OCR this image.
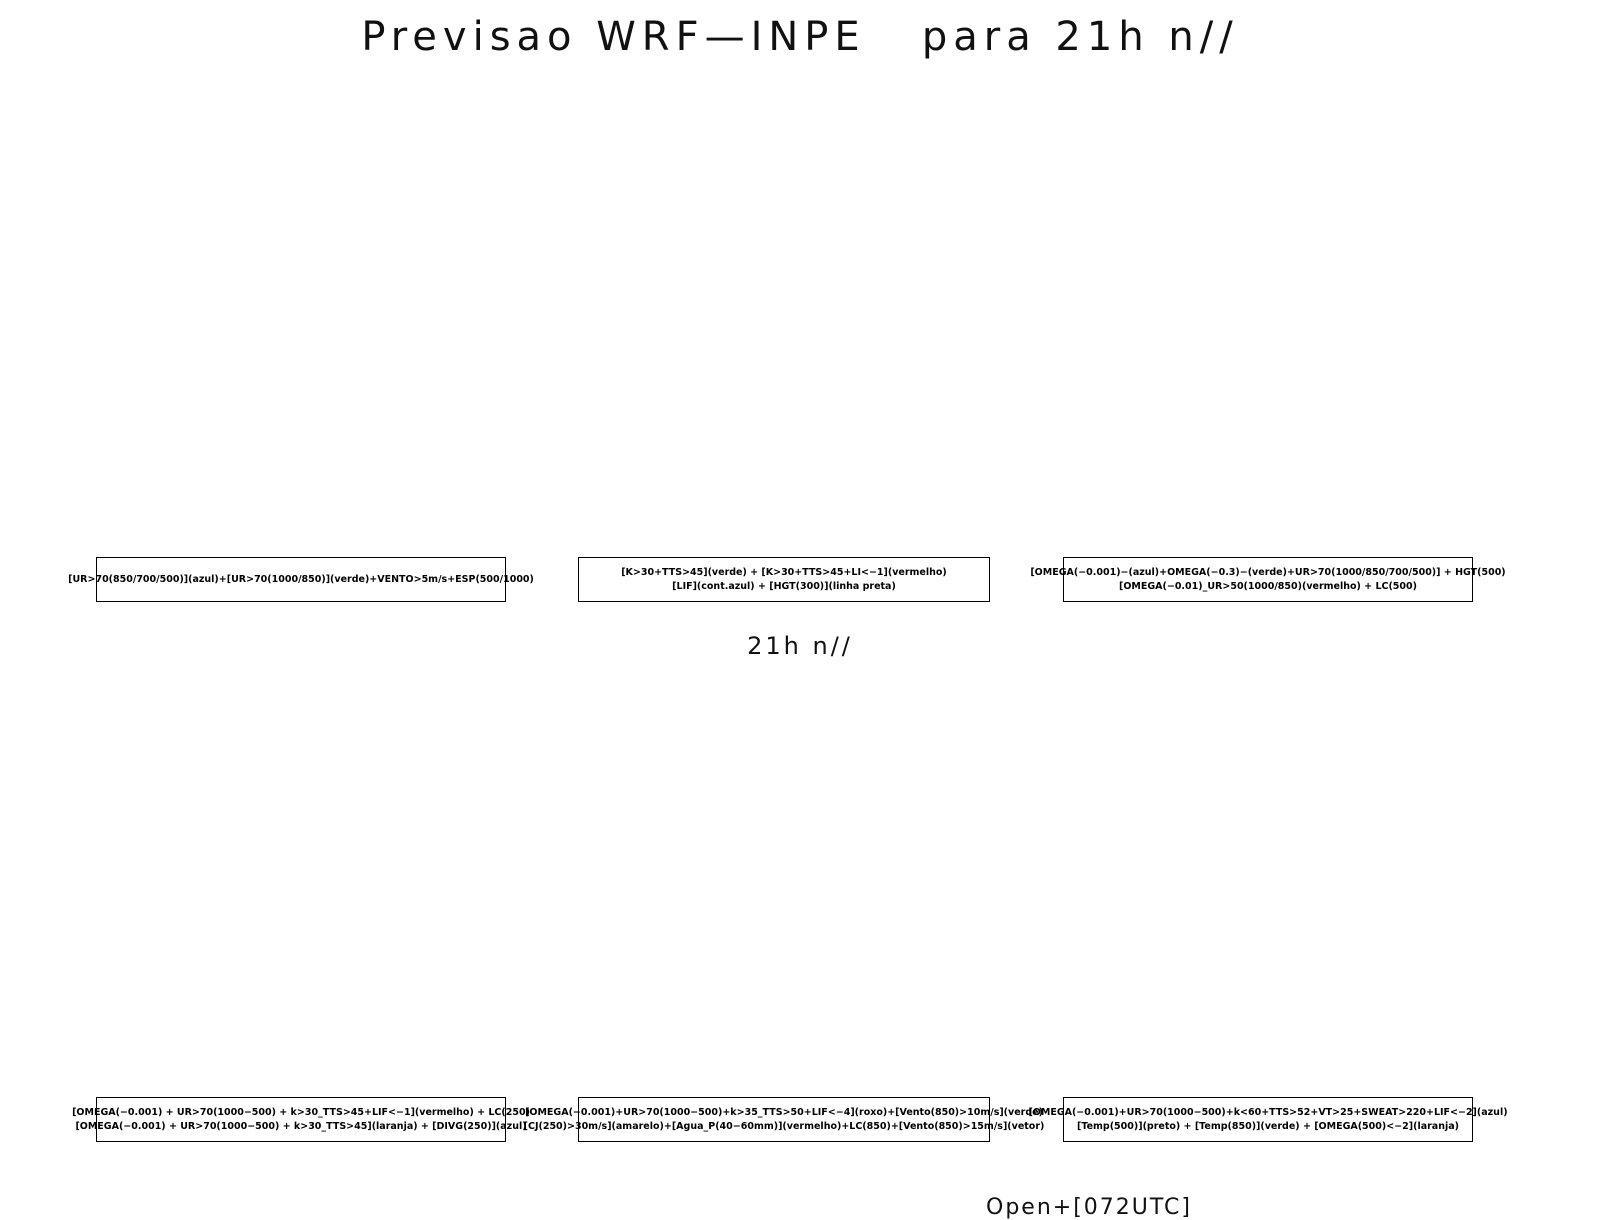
Previsao WRF—INPE   para 21h n//
[UR>70(850/700/500)](azul)+[UR>70(1000/850)](verde)+VENTO>5m/s+ESP(500/1000)
[K>30+TTS>45](verde) + [K>30+TTS>45+LI<−1](vermelho)
[LIF](cont.azul) + [HGT(300)](linha preta)
[OMEGA(−0.001)−(azul)+OMEGA(−0.3)−(verde)+UR>70(1000/850/700/500)] + HGT(500)
[OMEGA(−0.01)_UR>50(1000/850)(vermelho) + LC(500)
21h n//
[OMEGA(−0.001) + UR>70(1000−500) + k>30_TTS>45+LIF<−1](vermelho) + LC(250)
[OMEGA(−0.001) + UR>70(1000−500) + k>30_TTS>45](laranja) + [DIVG(250)](azul)
[OMEGA(−0.001)+UR>70(1000−500)+k>35_TTS>50+LIF<−4](roxo)+[Vento(850)>10m/s](verde)
[CJ(250)>30m/s](amarelo)+[Agua_P(40−60mm)](vermelho)+LC(850)+[Vento(850)>15m/s](vetor)
[OMEGA(−0.001)+UR>70(1000−500)+k<60+TTS>52+VT>25+SWEAT>220+LIF<−2](azul)
[Temp(500)](preto) + [Temp(850)](verde) + [OMEGA(500)<−2](laranja)

Open+[072UTC]
